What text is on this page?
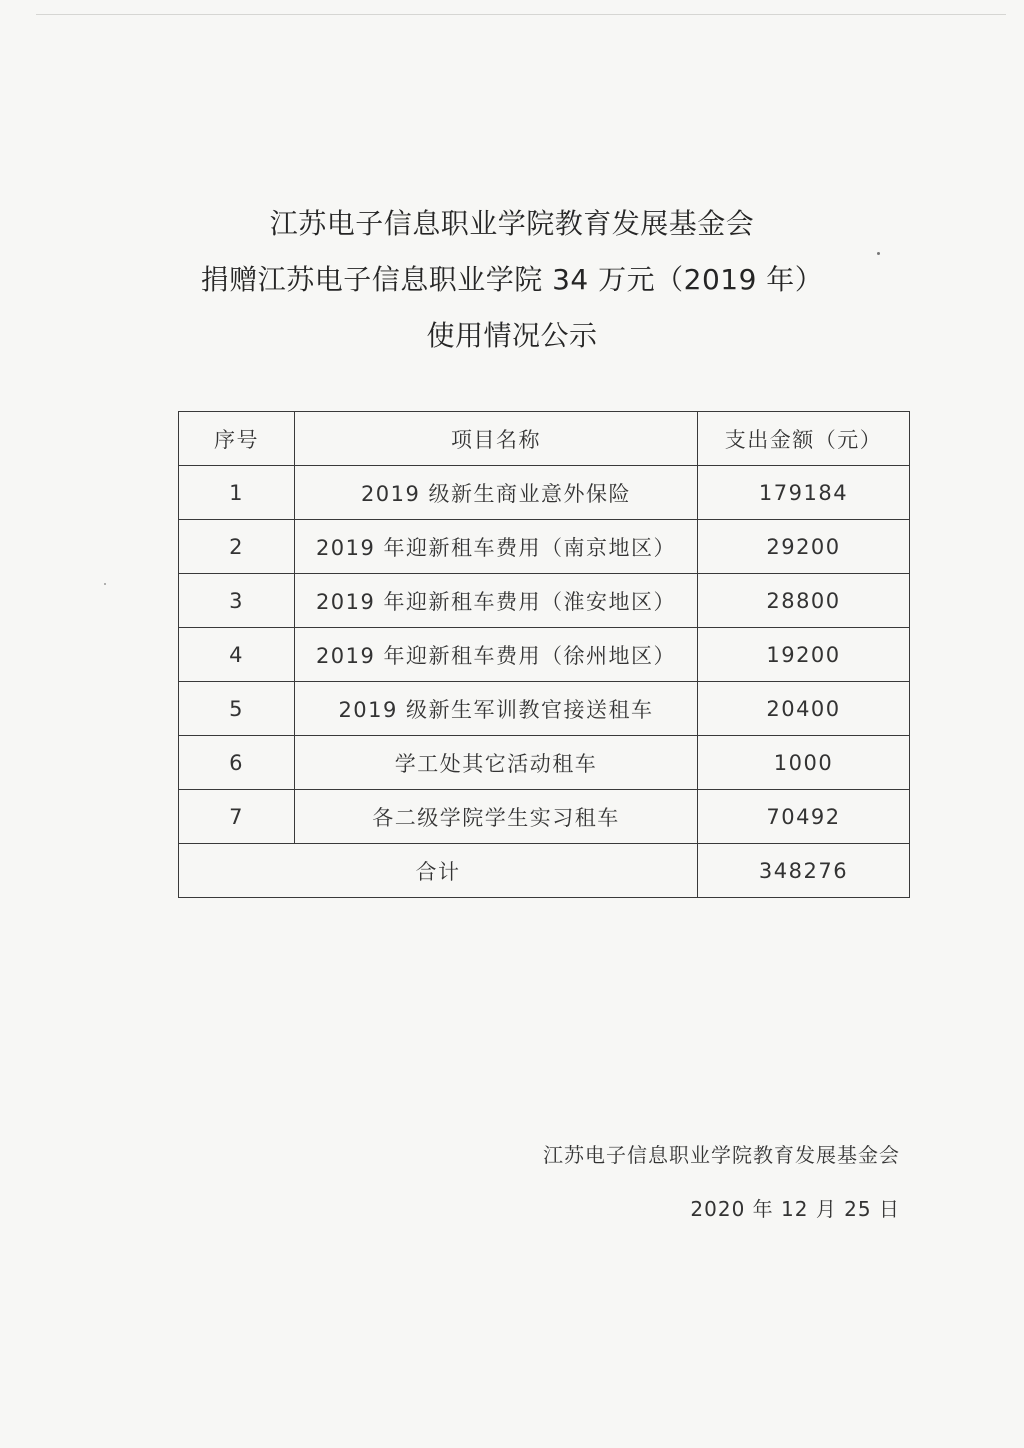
江苏电子信息职业学院教育发展基金会
捐赠江苏电子信息职业学院 34 万元（2019 年）
使用情况公示
序号	项目名称	支出金额（元）
1	2019 级新生商业意外保险	179184
2	2019 年迎新租车费用（南京地区）	29200
3	2019 年迎新租车费用（淮安地区）	28800
4	2019 年迎新租车费用（徐州地区）	19200
5	2019 级新生军训教官接送租车	20400
6	学工处其它活动租车	1000
7	各二级学院学生实习租车	70492
合计		348276
江苏电子信息职业学院教育发展基金会
2020 年 12 月 25 日
